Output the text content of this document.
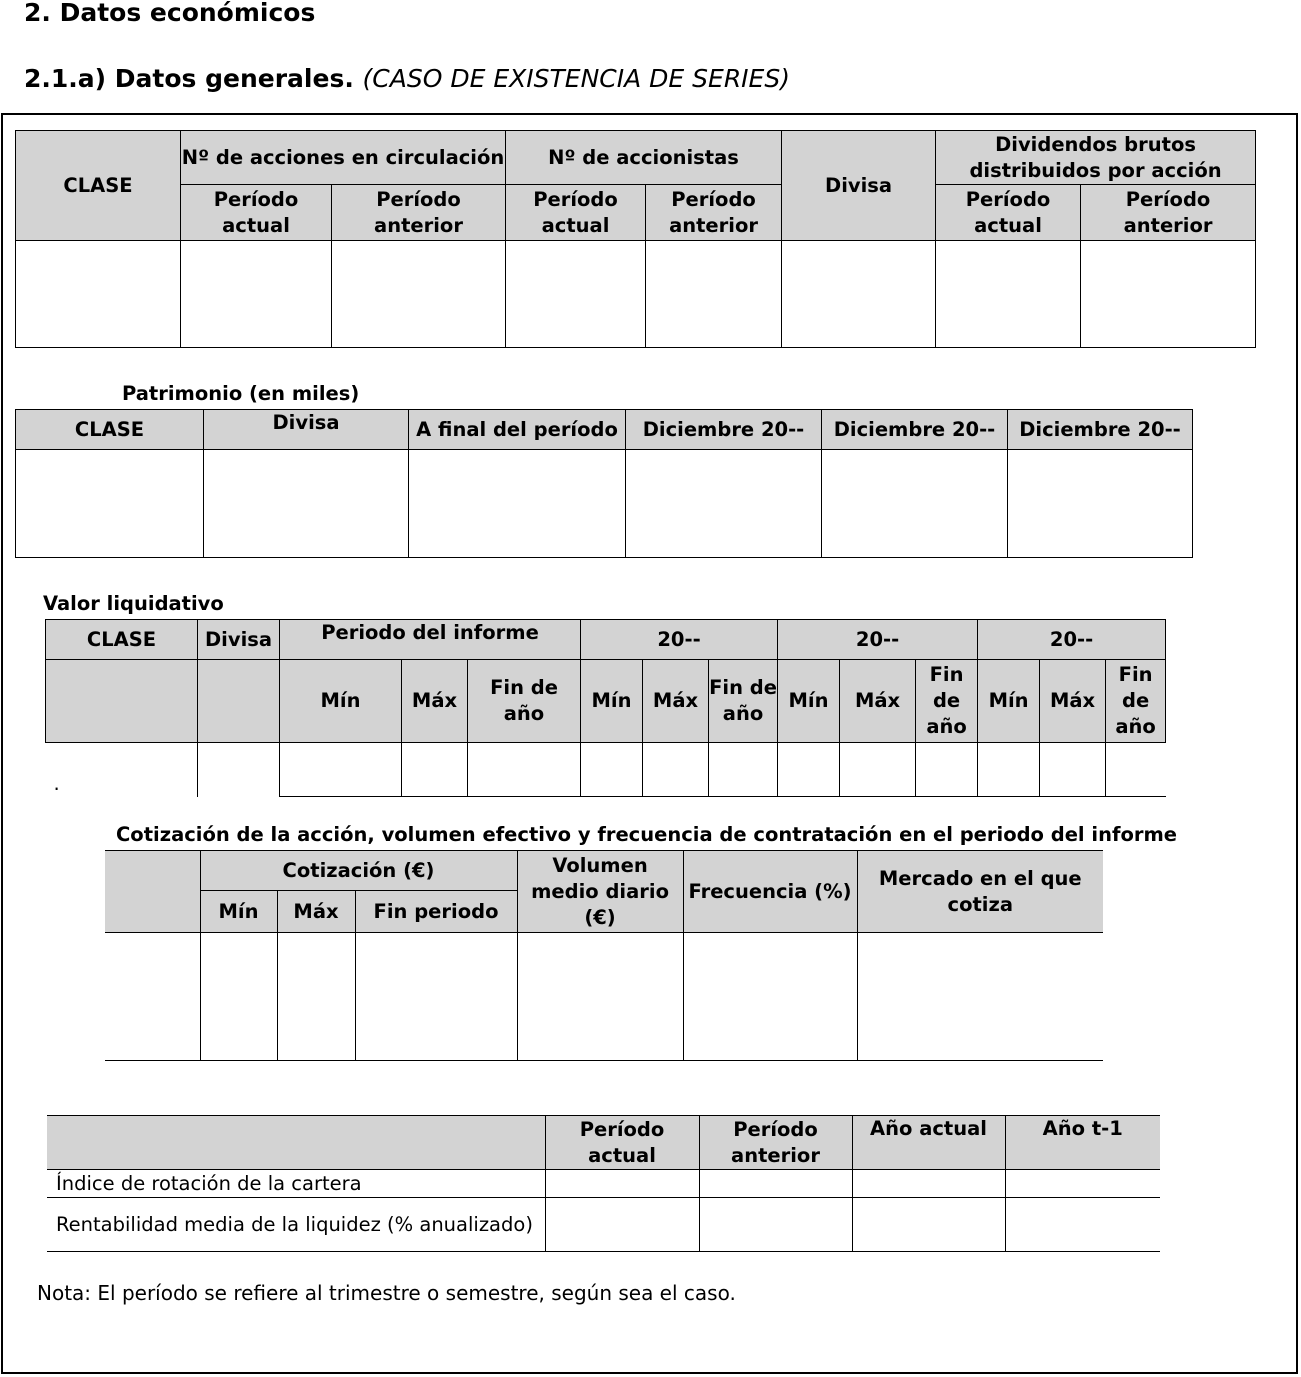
2. Datos económicos
2.1.a) Datos generales. (CASO DE EXISTENCIA DE SERIES)
CLASE	Nº de acciones en circulación		Nº de accionistas		Divisa	Dividendos brutos distribuidos por acción	
	Período actual	Período anterior	Período actual	Período anterior		Período actual	Período anterior

Patrimonio (en miles)
CLASE	Divisa	A final del período	Diciembre 20--	Diciembre 20--	Diciembre 20--

Valor liquidativo
CLASE	Divisa	Periodo del informe			20--			20--			20--		
		Mín	Máx	Fin de año	Mín	Máx	Fin de año	Mín	Máx	Fin de año	Mín	Máx	Fin de año
.													
Cotización de la acción, volumen efectivo y frecuencia de contratación en el periodo del informe
	Cotización (€)			Volumen medio diario (€)	Frecuencia (%)	Mercado en el que cotiza
	Mín	Máx	Fin periodo			

	Período actual	Período anterior	Año actual	Año t-1
Índice de rotación de la cartera				
Rentabilidad media de la liquidez (% anualizado)				
Nota: El período se refiere al trimestre o semestre, según sea el caso.
